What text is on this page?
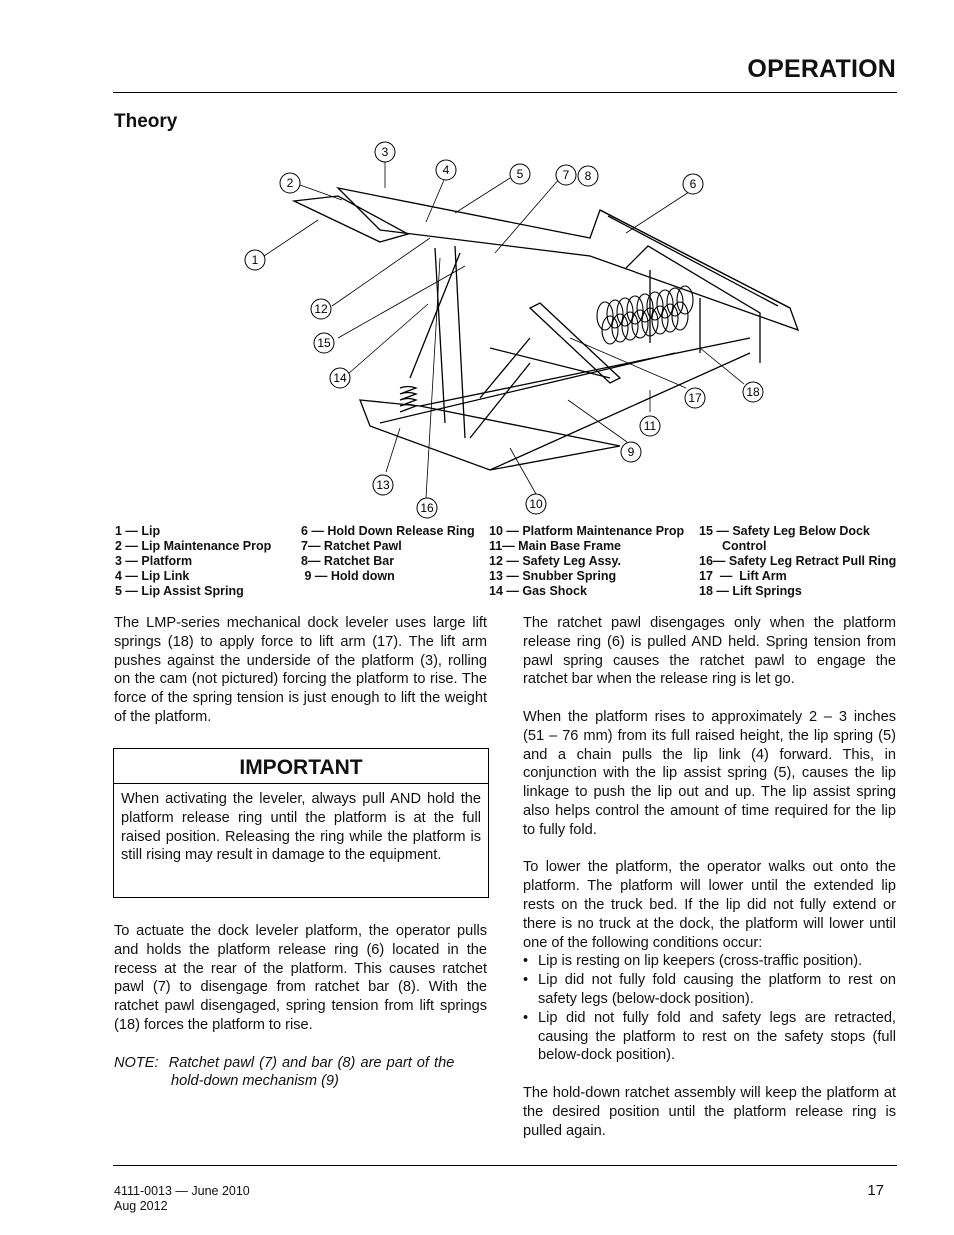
OPERATION
Theory
1
2
3
4	5	7 8
6
12
15
14
13
16	10
9
11
17	18
1 — Lip
2 — Lip Maintenance Prop
3 — Platform
4 — Lip Link
5 — Lip Assist Spring
6 — Hold Down Release Ring
7— Ratchet Pawl
8— Ratchet Bar
9 — Hold down
10 — Platform Maintenance Prop
11— Main Base Frame
12 — Safety Leg Assy.
13 — Snubber Spring
14 — Gas Shock
15 — Safety Leg Below Dock
Control
16— Safety Leg Retract Pull Ring
17  —  Lift Arm
18 — Lift Springs

The LMP-series mechanical dock leveler uses large lift springs (18) to apply force to lift arm (17). The lift arm pushes against the underside of the platform (3), rolling on the cam (not pictured) forcing the platform to rise. The force of the spring tension is just enough to lift the weight of the platform.

IMPORTANT
When activating the leveler, always pull AND hold the platform release ring until the platform is at the full raised position. Releasing the ring while the platform is still rising may result in damage to the equipment.

To actuate the dock leveler platform, the operator pulls and holds the platform release ring (6) located in the recess at the rear of the platform. This causes ratchet pawl (7) to disengage from ratchet bar (8). With the ratchet pawl disengaged, spring tension from lift springs (18) forces the platform to rise.

NOTE:  Ratchet pawl (7) and bar (8) are part of the
hold-down mechanism (9)

The ratchet pawl disengages only when the platform release ring (6) is pulled AND held. Spring tension from pawl spring causes the ratchet pawl to engage the ratchet bar when the release ring is let go.

When the platform rises to approximately 2 – 3 inches (51 – 76 mm) from its full raised height, the lip spring (5) and a chain pulls the lip link (4) forward. This, in conjunction with the lip assist spring (5), causes the lip linkage to push the lip out and up. The lip assist spring also helps control the amount of time required for the lip to fully fold.

To lower the platform, the operator walks out onto the platform. The platform will lower until the extended lip rests on the truck bed. If the lip did not fully extend or there is no truck at the dock, the platform will lower until one of the following conditions occur:

• Lip is resting on lip keepers (cross-traffic position).
• Lip did not fully fold causing the platform to rest on safety legs (below-dock position).
• Lip did not fully fold and safety legs are retracted, causing the platform to rest on the safety stops (full below-dock position).

The hold-down ratchet assembly will keep the platform at the desired position until the platform release ring is pulled again.

4111-0013 — June 2010
Aug 2012
17
